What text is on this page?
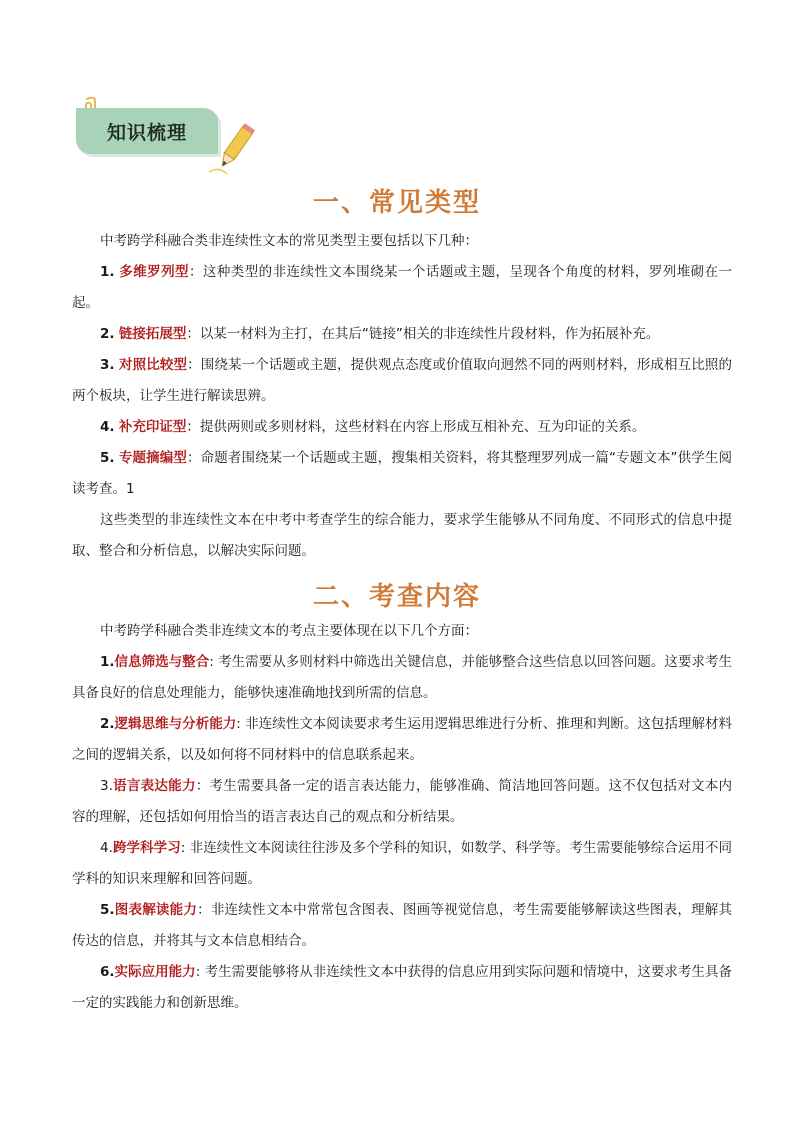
知识梳理
一、常见类型
中考跨学科融合类非连续性文本的常见类型主要包括以下几种：
1. 多维罗列型：这种类型的非连续性文本围绕某一个话题或主题，呈现各个角度的材料，罗列堆砌在一起。
2. 链接拓展型：以某一材料为主打，在其后“链接”相关的非连续性片段材料，作为拓展补充。
3. 对照比较型：围绕某一个话题或主题，提供观点态度或价值取向迥然不同的两则材料，形成相互比照的两个板块，让学生进行解读思辨。
4. 补充印证型：提供两则或多则材料，这些材料在内容上形成互相补充、互为印证的关系。
5. 专题摘编型：命题者围绕某一个话题或主题，搜集相关资料，将其整理罗列成一篇“专题文本”供学生阅读考查。1
这些类型的非连续性文本在中考中考查学生的综合能力，要求学生能够从不同角度、不同形式的信息中提取、整合和分析信息，以解决实际问题。
二、考查内容
中考跨学科融合类非连续文本的考点主要体现在以下几个方面：
1.信息筛选与整合: 考生需要从多则材料中筛选出关键信息，并能够整合这些信息以回答问题。这要求考生具备良好的信息处理能力，能够快速准确地找到所需的信息。
2.逻辑思维与分析能力: 非连续性文本阅读要求考生运用逻辑思维进行分析、推理和判断。这包括理解材料之间的逻辑关系，以及如何将不同材料中的信息联系起来。
3.语言表达能力：考生需要具备一定的语言表达能力，能够准确、简洁地回答问题。这不仅包括对文本内容的理解，还包括如何用恰当的语言表达自己的观点和分析结果。
4.跨学科学习: 非连续性文本阅读往往涉及多个学科的知识，如数学、科学等。考生需要能够综合运用不同学科的知识来理解和回答问题。
5.图表解读能力：非连续性文本中常常包含图表、图画等视觉信息，考生需要能够解读这些图表，理解其传达的信息，并将其与文本信息相结合。
6.实际应用能力: 考生需要能够将从非连续性文本中获得的信息应用到实际问题和情境中，这要求考生具备一定的实践能力和创新思维。
